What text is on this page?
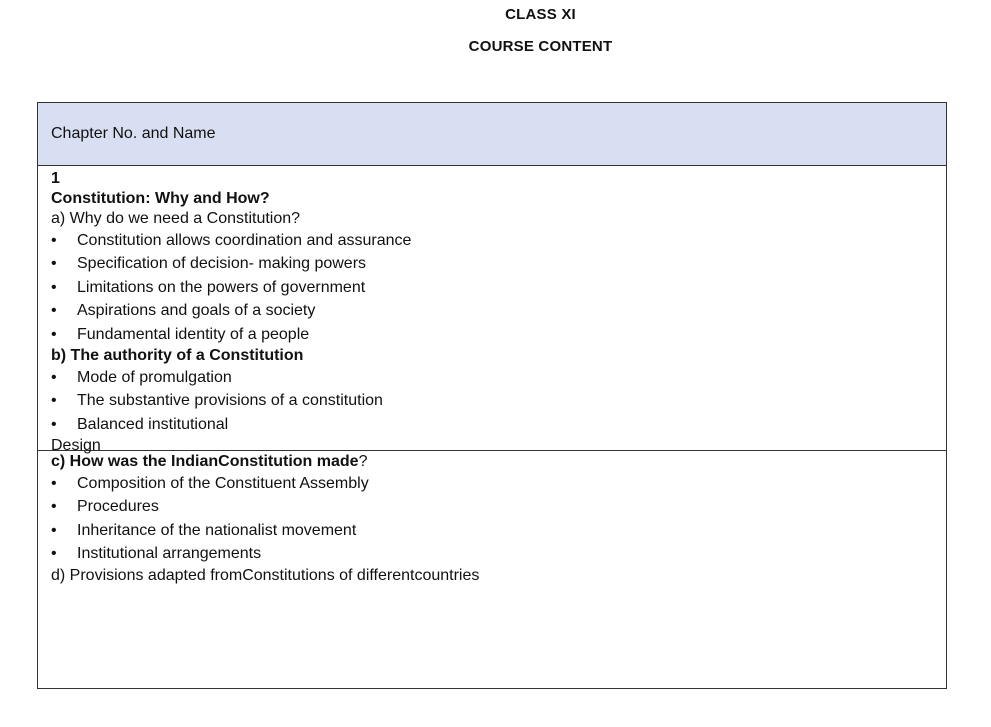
CLASS XI
COURSE CONTENT
Chapter No. and Name
1
Constitution: Why and How?
a) Why do we need a Constitution?
• Constitution allows coordination and assurance
• Specification of decision- making powers
• Limitations on the powers of government
• Aspirations and goals of a society
• Fundamental identity of a people
b) The authority of a Constitution
• Mode of promulgation
• The substantive provisions of a constitution
• Balanced institutional
Design
c) How was the IndianConstitution made?
• Composition of the Constituent Assembly
• Procedures
• Inheritance of the nationalist movement
• Institutional arrangements
d) Provisions adapted fromConstitutions of differentcountries
